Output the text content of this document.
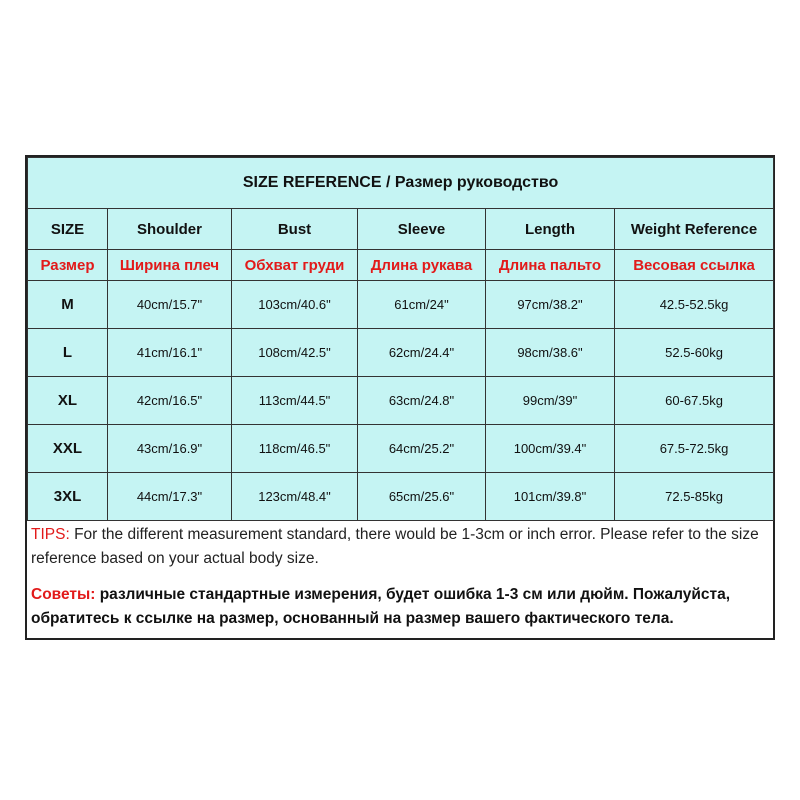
SIZE REFERENCE / Размер руководство					
SIZE	Shoulder	Bust	Sleeve	Length	Weight Reference
Размер	Ширина плеч	Обхват груди	Длина рукава	Длина пальто	Весовая ссылка
M	40cm/15.7"	103cm/40.6"	61cm/24"	97cm/38.2"	42.5-52.5kg
L	41cm/16.1"	108cm/42.5"	62cm/24.4"	98cm/38.6"	52.5-60kg
XL	42cm/16.5"	113cm/44.5"	63cm/24.8"	99cm/39"	60-67.5kg
XXL	43cm/16.9"	118cm/46.5"	64cm/25.2"	100cm/39.4"	67.5-72.5kg
3XL	44cm/17.3"	123cm/48.4"	65cm/25.6"	101cm/39.8"	72.5-85kg
TIPS: For the different measurement standard, there would be 1-3cm or inch error. Please refer to the size reference based on your actual body size.
Советы: различные стандартные измерения, будет ошибка 1-3 см или дюйм. Пожалуйста, обратитесь к ссылке на размер, основанный на размер вашего фактического тела.
